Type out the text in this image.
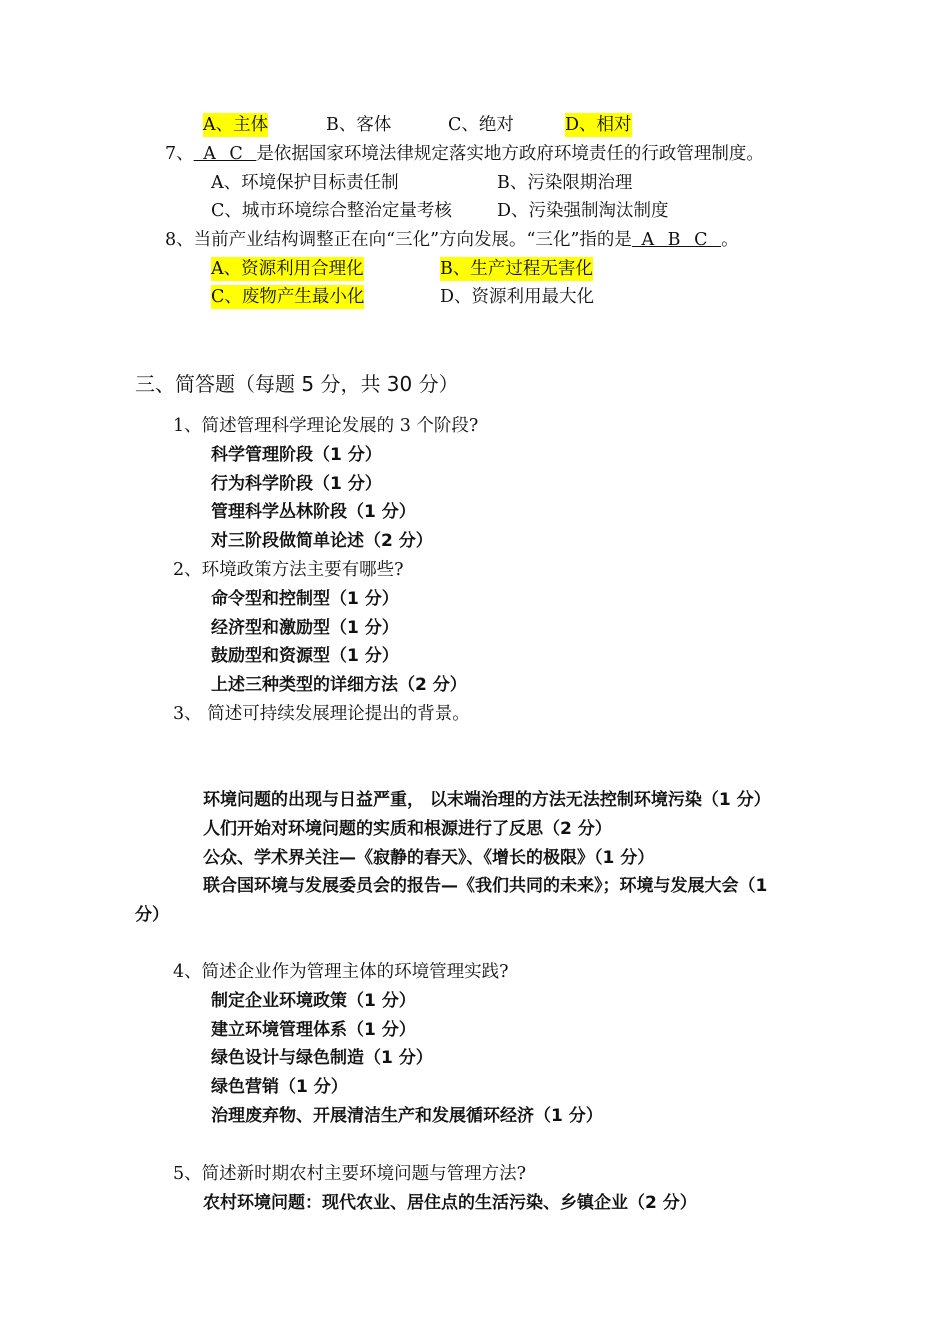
A、主体	B、客体	C、绝对	D、相对
7、 A C 是依据国家环境法律规定落实地方政府环境责任的行政管理制度。
A、环境保护目标责任制	B、污染限期治理
C、城市环境综合整治定量考核	D、污染强制淘汰制度
8、当前产业结构调整正在向“三化”方向发展。“三化”指的是 A B C 。
A、资源利用合理化	B、生产过程无害化
C、废物产生最小化	D、资源利用最大化
三、简答题（每题 5 分，共 30 分）
1、简述管理科学理论发展的 3 个阶段?
科学管理阶段（1 分）
行为科学阶段（1 分）
管理科学丛林阶段（1 分）
对三阶段做简单论述（2 分）
2、环境政策方法主要有哪些?
命令型和控制型（1 分）
经济型和激励型（1 分）
鼓励型和资源型（1 分）
上述三种类型的详细方法（2 分）
3、 简述可持续发展理论提出的背景。
环境问题的出现与日益严重， 以末端治理的方法无法控制环境污染（1 分）
人们开始对环境问题的实质和根源进行了反思（2 分）
公众、学术界关注—《寂静的春天》、《增长的极限》（1 分）
联合国环境与发展委员会的报告—《我们共同的未来》；环境与发展大会（1
分）
4、简述企业作为管理主体的环境管理实践?
制定企业环境政策（1 分）
建立环境管理体系（1 分）
绿色设计与绿色制造（1 分）
绿色营销（1 分）
治理废弃物、开展清洁生产和发展循环经济（1 分）
5、简述新时期农村主要环境问题与管理方法?
农村环境问题：现代农业、居住点的生活污染、乡镇企业（2 分）
